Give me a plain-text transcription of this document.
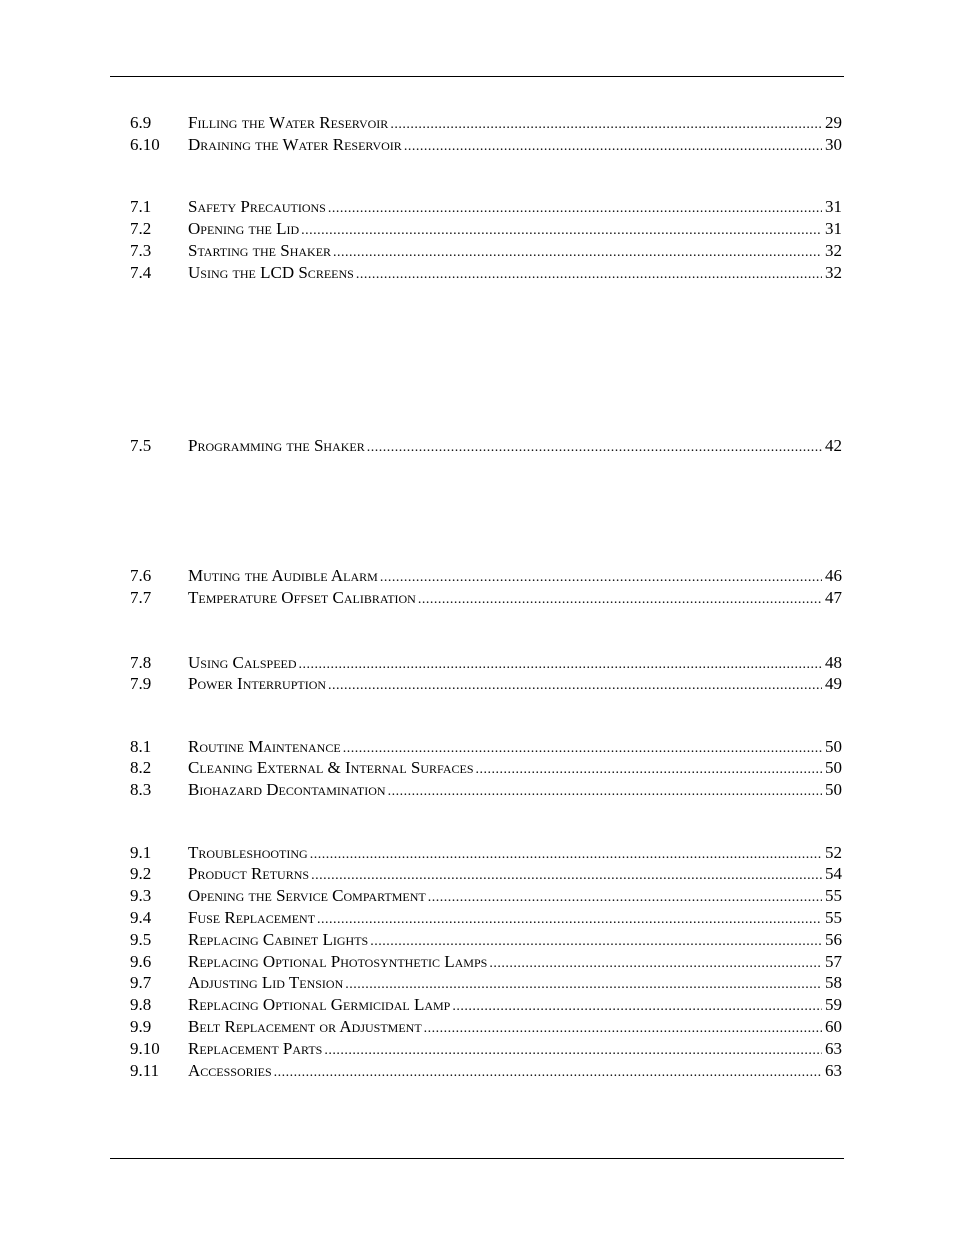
6.9	Filling the Water Reservoir .....	29
6.10	Draining the Water Reservoir .....	30
7.1	Safety Precautions .....	31
7.2	Opening the Lid .....	31
7.3	Starting the Shaker .....	32
7.4	Using the LCD Screens .....	32
7.5	Programming the Shaker .....	42
7.6	Muting the Audible Alarm .....	46
7.7	Temperature Offset Calibration .....	47
7.8	Using Calspeed .....	48
7.9	Power Interruption .....	49
8.1	Routine Maintenance .....	50
8.2	Cleaning External & Internal Surfaces .....	50
8.3	Biohazard Decontamination .....	50
9.1	Troubleshooting .....	52
9.2	Product Returns .....	54
9.3	Opening the Service Compartment .....	55
9.4	Fuse Replacement .....	55
9.5	Replacing Cabinet Lights .....	56
9.6	Replacing Optional Photosynthetic Lamps .....	57
9.7	Adjusting Lid Tension .....	58
9.8	Replacing Optional Germicidal Lamp .....	59
9.9	Belt Replacement or Adjustment .....	60
9.10	Replacement Parts .....	63
9.11	Accessories .....	63
